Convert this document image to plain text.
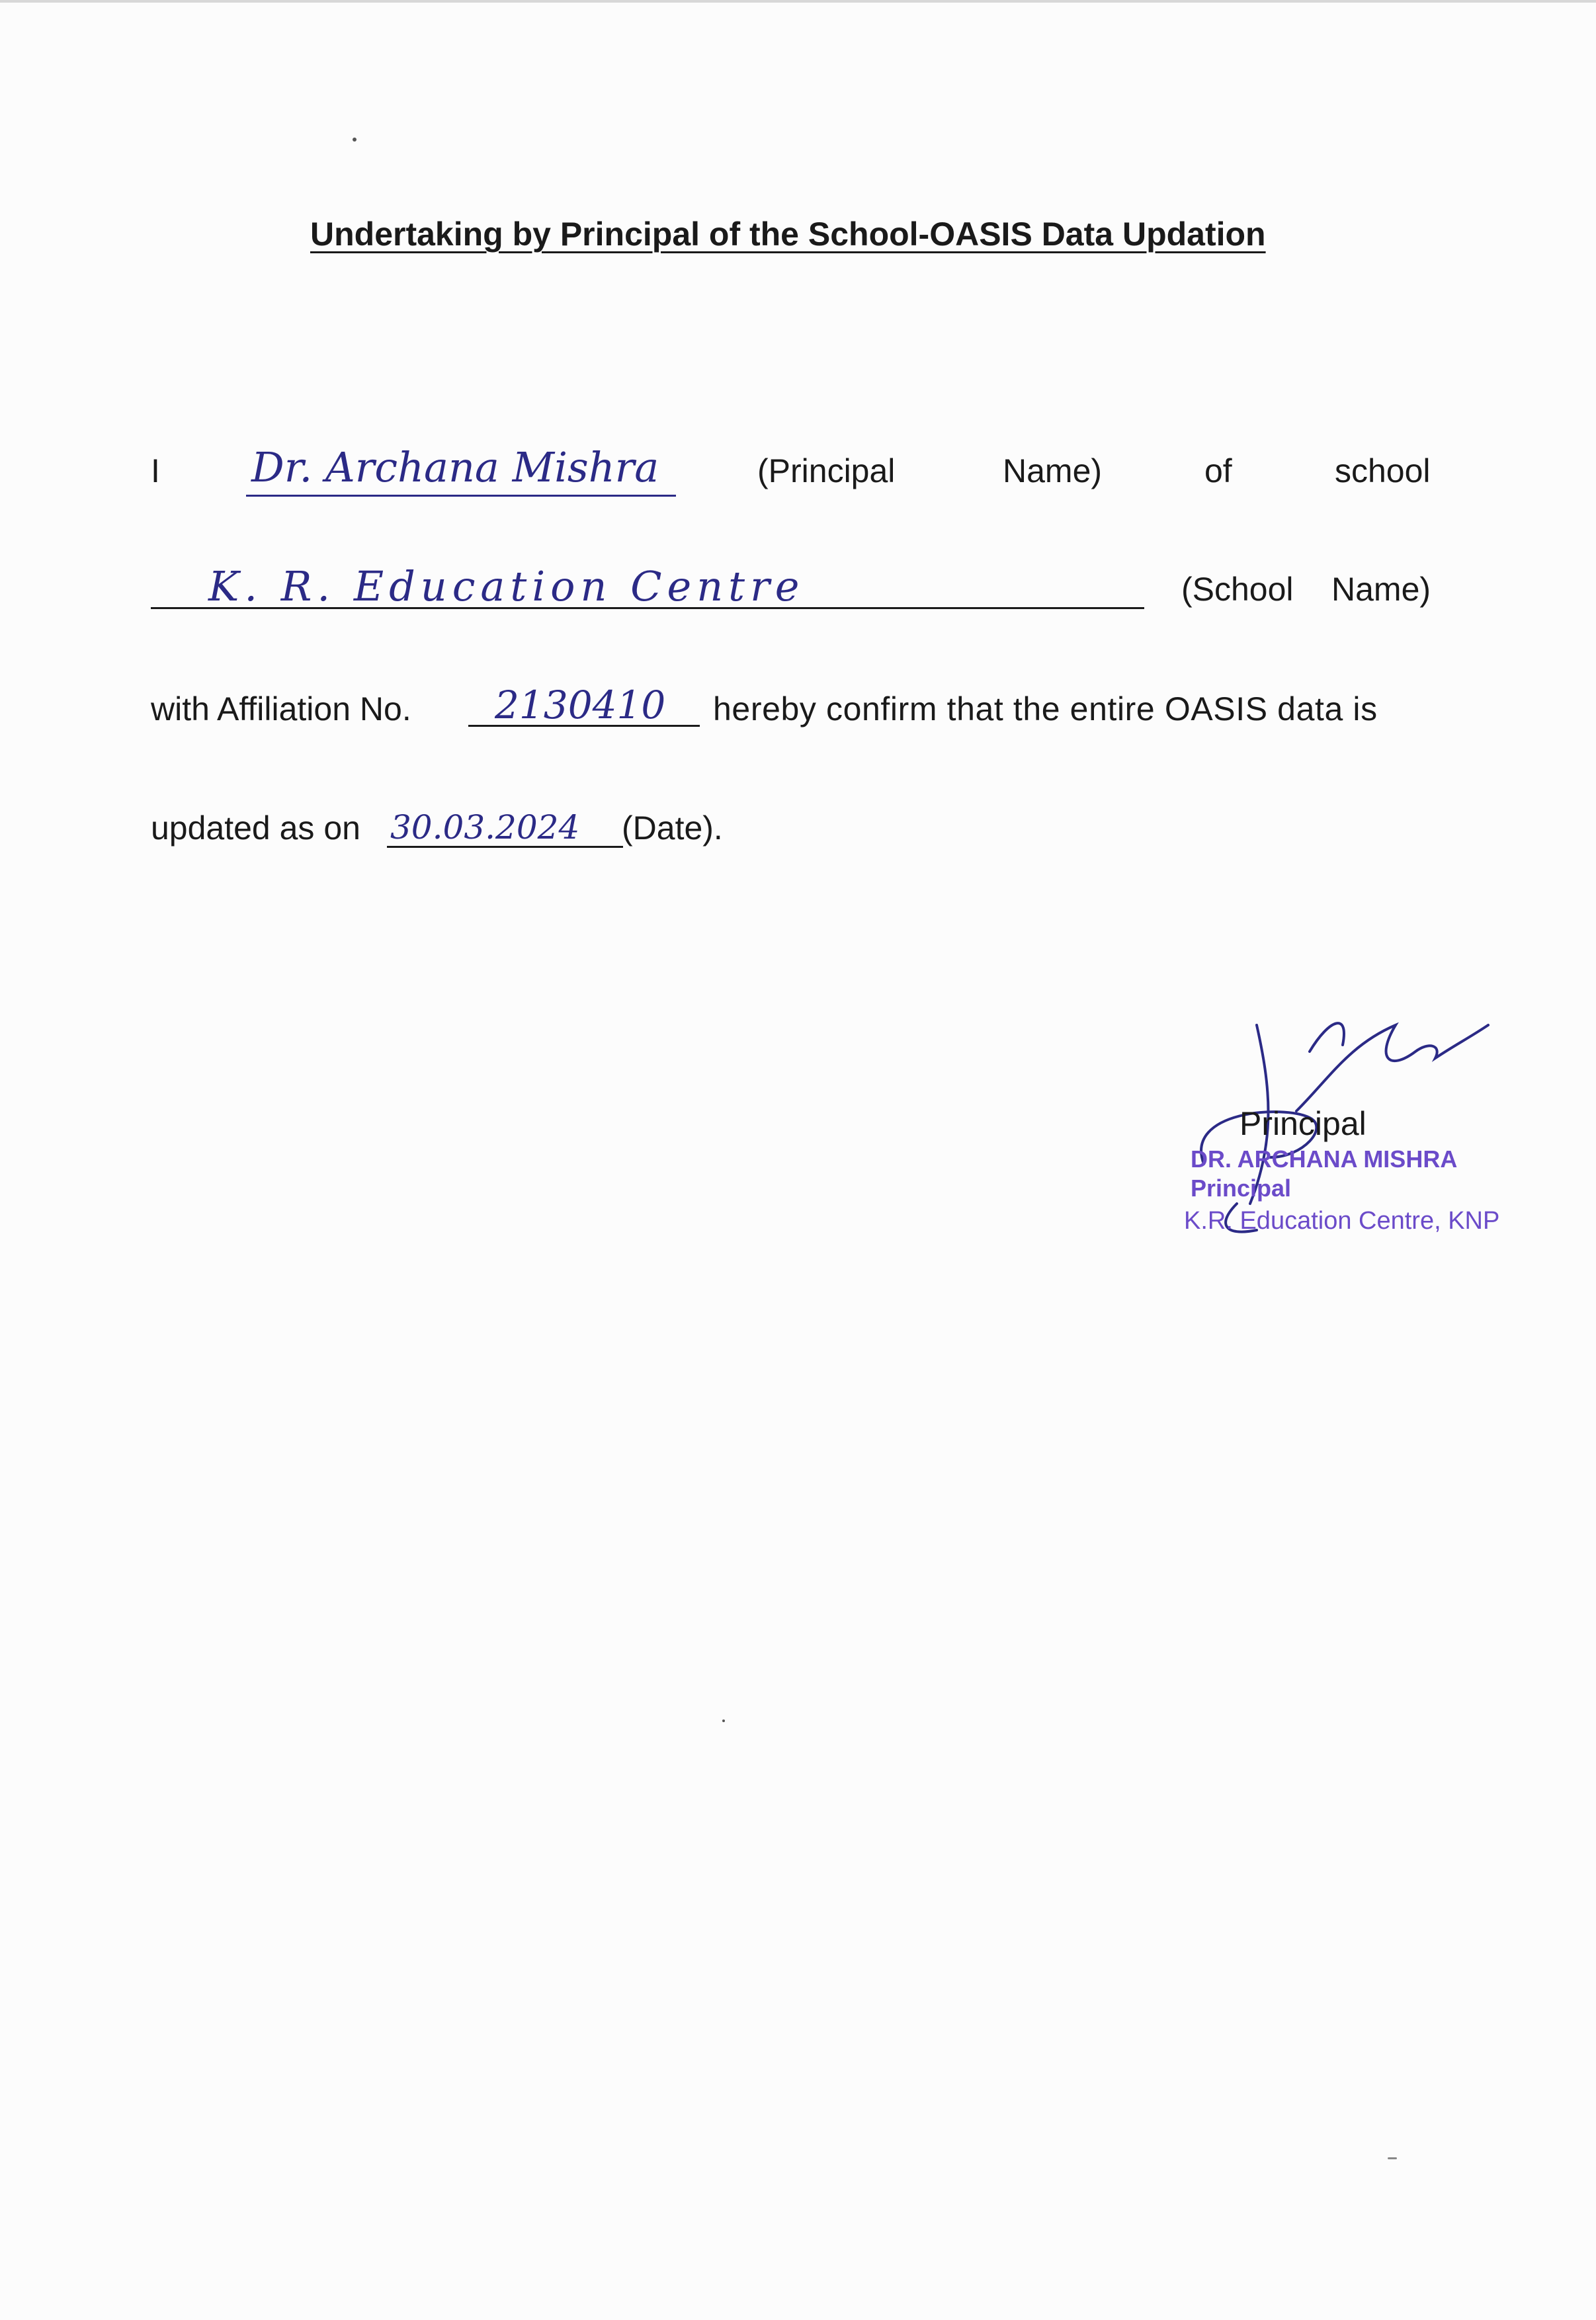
Undertaking by Principal of the School-OASIS Data Updation
I Dr. Archana Mishra	(Principal	Name)	of	school
K. R. Education Centre	(School Name)
with Affiliation No. 2130410 hereby confirm that the entire OASIS data is
updated as on 30.03.2024 (Date).
Principal
DR. ARCHANA MISHRA
Principal
K.R. Education Centre, KNP
